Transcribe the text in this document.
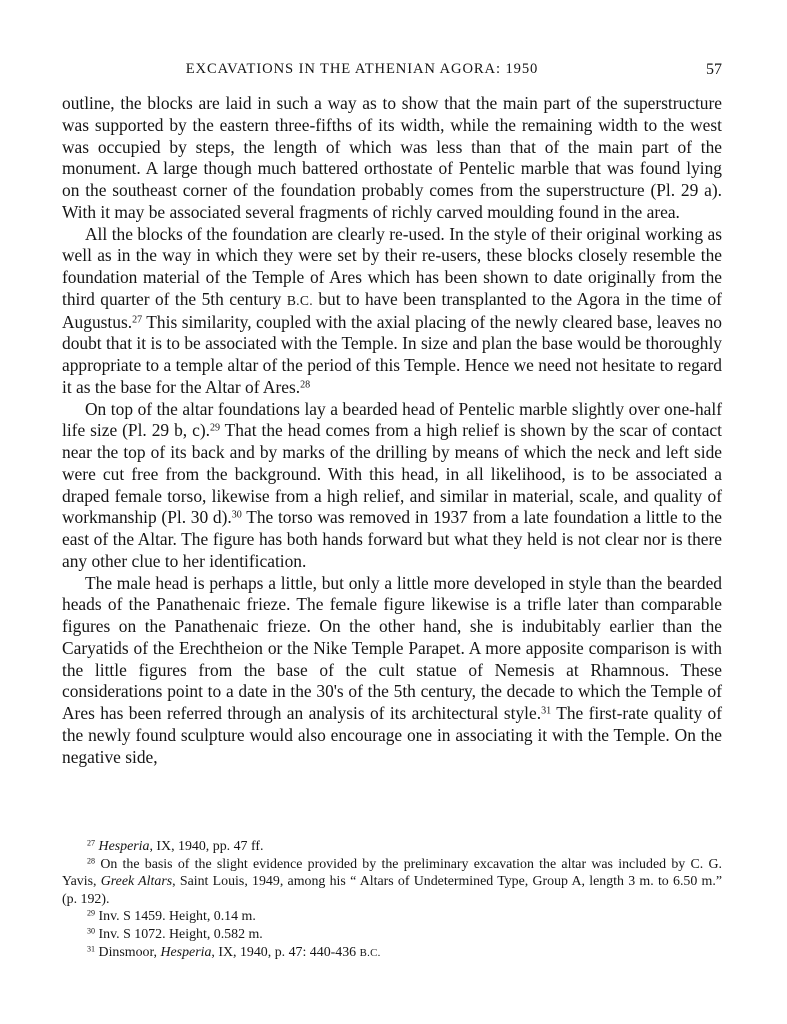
EXCAVATIONS IN THE ATHENIAN AGORA: 1950	57

outline, the blocks are laid in such a way as to show that the main part of the superstructure was supported by the eastern three-fifths of its width, while the remaining width to the west was occupied by steps, the length of which was less than that of the main part of the monument. A large though much battered orthostate of Pentelic marble that was found lying on the southeast corner of the foundation probably comes from the superstructure (Pl. 29 a). With it may be associated several fragments of richly carved moulding found in the area.

All the blocks of the foundation are clearly re-used. In the style of their original working as well as in the way in which they were set by their re-users, these blocks closely resemble the foundation material of the Temple of Ares which has been shown to date originally from the third quarter of the 5th century B.C. but to have been transplanted to the Agora in the time of Augustus.$^{27}$ This similarity, coupled with the axial placing of the newly cleared base, leaves no doubt that it is to be associated with the Temple. In size and plan the base would be thoroughly appropriate to a temple altar of the period of this Temple. Hence we need not hesitate to regard it as the base for the Altar of Ares.$^{28}$

On top of the altar foundations lay a bearded head of Pentelic marble slightly over one-half life size (Pl. 29 b, c).$^{29}$ That the head comes from a high relief is shown by the scar of contact near the top of its back and by marks of the drilling by means of which the neck and left side were cut free from the background. With this head, in all likelihood, is to be associated a draped female torso, likewise from a high relief, and similar in material, scale, and quality of workmanship (Pl. 30 d).$^{30}$ The torso was removed in 1937 from a late foundation a little to the east of the Altar. The figure has both hands forward but what they held is not clear nor is there any other clue to her identification.

The male head is perhaps a little, but only a little more developed in style than the bearded heads of the Panathenaic frieze. The female figure likewise is a trifle later than comparable figures on the Panathenaic frieze. On the other hand, she is indubitably earlier than the Caryatids of the Erechtheion or the Nike Temple Parapet. A more apposite comparison is with the little figures from the base of the cult statue of Nemesis at Rhamnous. These considerations point to a date in the 30's of the 5th century, the decade to which the Temple of Ares has been referred through an analysis of its architectural style.$^{31}$ The first-rate quality of the newly found sculpture would also encourage one in associating it with the Temple. On the negative side,

$^{27}$ Hesperia, IX, 1940, pp. 47 ff.

$^{28}$ On the basis of the slight evidence provided by the preliminary excavation the altar was included by C. G. Yavis, Greek Altars, Saint Louis, 1949, among his “ Altars of Undetermined Type, Group A, length 3 m. to 6.50 m.” (p. 192).

$^{29}$ Inv. S 1459. Height, 0.14 m.

$^{30}$ Inv. S 1072. Height, 0.582 m.

$^{31}$ Dinsmoor, Hesperia, IX, 1940, p. 47: 440-436 B.C.
